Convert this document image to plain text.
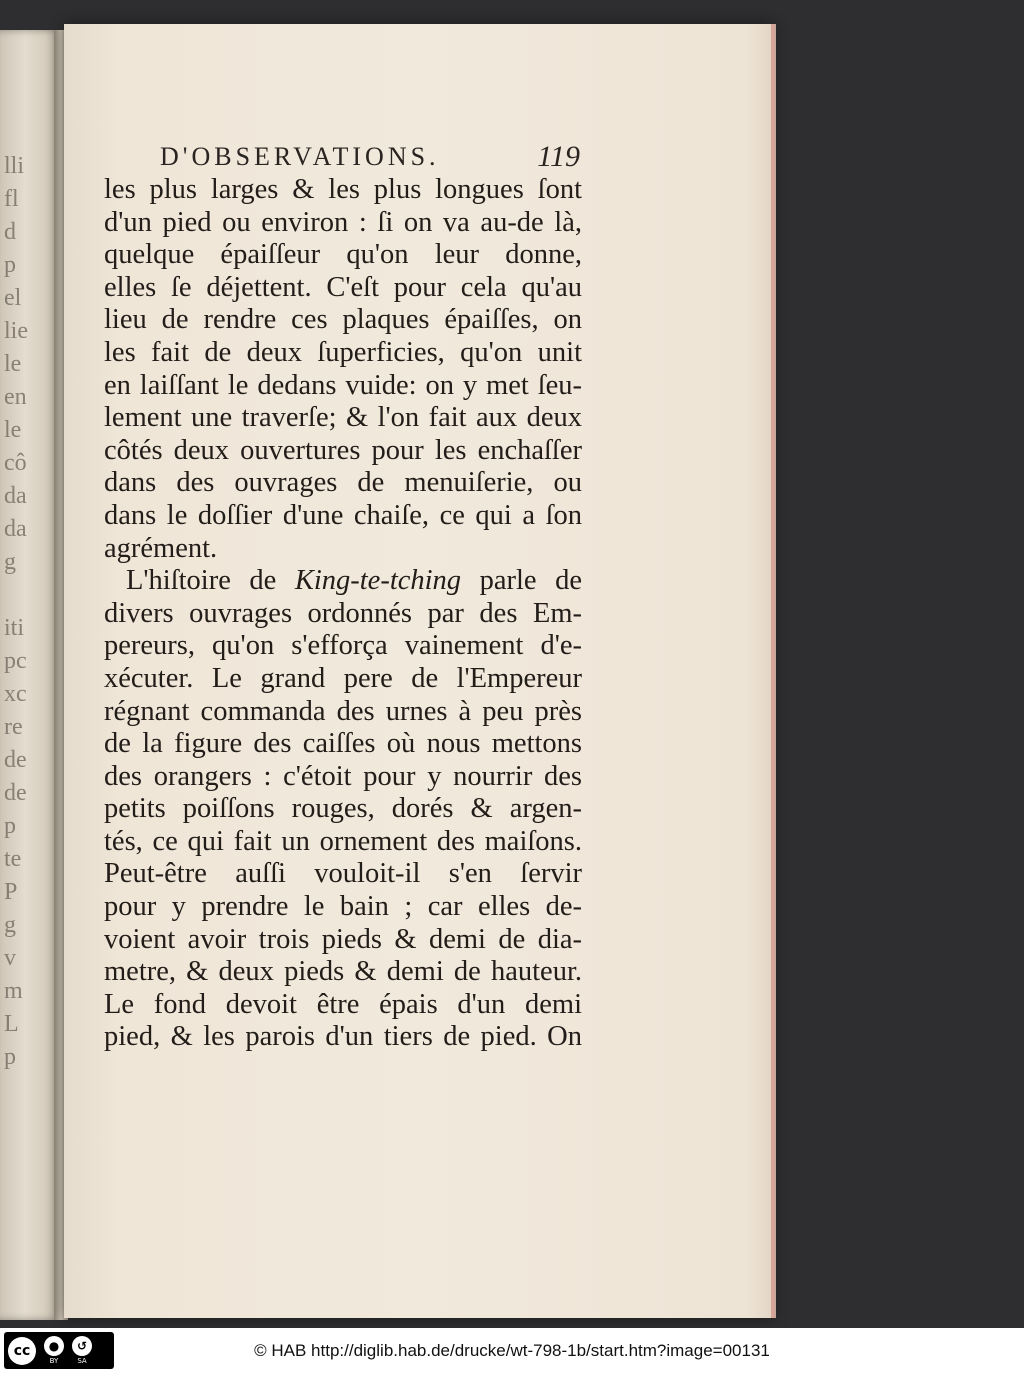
lli
fl
d
p
el
lie
le
en
le
cô
da
da
g
iti
pc
xc
re
de
de
p
te
P
g
v
m
L
p
D'OBSERVATIONS.	119
les plus larges & les plus longues ſont
d'un pied ou environ : ſi on va au-de là,
quelque épaiſſeur qu'on leur donne,
elles ſe déjettent. C'eſt pour cela qu'au
lieu de rendre ces plaques épaiſſes, on
les fait de deux ſuperficies, qu'on unit
en laiſſant le dedans vuide: on y met ſeu-
lement une traverſe; & l'on fait aux deux
côtés deux ouvertures pour les enchaſſer
dans des ouvrages de menuiſerie, ou
dans le doſſier d'une chaiſe, ce qui a ſon
agrément.
L'hiſtoire de King-te-tching parle de
divers ouvrages ordonnés par des Em-
pereurs, qu'on s'efforça vainement d'e-
xécuter. Le grand pere de l'Empereur
régnant commanda des urnes à peu près
de la figure des caiſſes où nous mettons
des orangers : c'étoit pour y nourrir des
petits poiſſons rouges, dorés & argen-
tés, ce qui fait un ornement des maiſons.
Peut-être auſſi vouloit-il s'en ſervir
pour y prendre le bain ; car elles de-
voient avoir trois pieds & demi de dia-
metre, & deux pieds & demi de hauteur.
Le fond devoit être épais d'un demi
pied, & les parois d'un tiers de pied. On
cc	●
BY
↺
SA
© HAB http://diglib.hab.de/drucke/wt-798-1b/start.htm?image=00131
